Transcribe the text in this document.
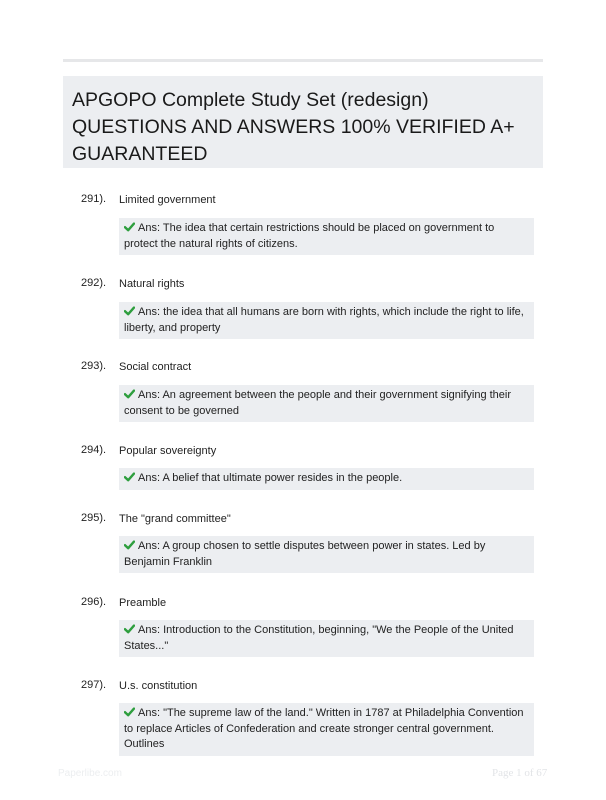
APGOPO Complete Study Set (redesign)
QUESTIONS AND ANSWERS 100% VERIFIED A+
GUARANTEED
291). Limited government
Ans: The idea that certain restrictions should be placed on government to protect the natural rights of citizens.
292). Natural rights
Ans: the idea that all humans are born with rights, which include the right to life, liberty, and property
293). Social contract
Ans: An agreement between the people and their government signifying their consent to be governed
294). Popular sovereignty
Ans: A belief that ultimate power resides in the people.
295). The "grand committee"
Ans: A group chosen to settle disputes between power in states. Led by Benjamin Franklin
296). Preamble
Ans: Introduction to the Constitution, beginning, "We the People of the United States..."
297). U.s. constitution
Ans: "The supreme law of the land." Written in 1787 at Philadelphia Convention to replace Articles of Confederation and create stronger central government. Outlines
Paperlibe.com	Page 1 of 67
